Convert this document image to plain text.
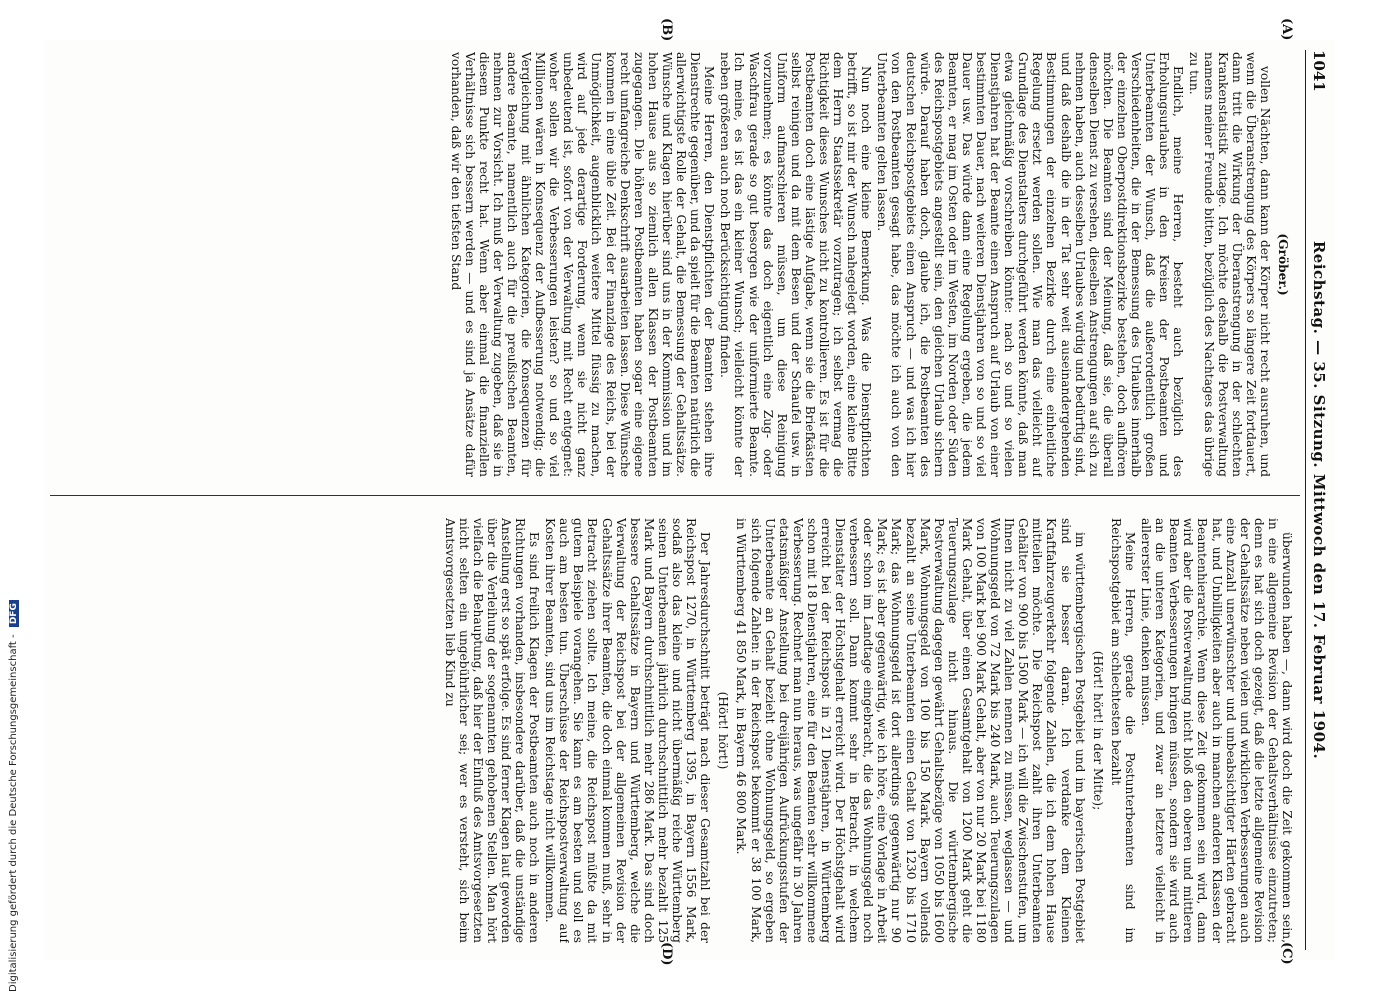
1041
Reichstag. — 35. Sitzung. Mittwoch den 17. Februar 1904.
(A)
(B)
(C)
(D)

(Gröber.)

vollen Nächten, dann kann der Körper nicht recht ausruhen, und wenn die Überanstrengung des Körpers so längere Zeit fortdauert, dann tritt die Wirkung der Überanstrengung in der schlechten Krankenstatistik zutage. Ich möchte deshalb die Postverwaltung namens meiner Freunde bitten, bezüglich des Nachtages das übrige zu tun.

Endlich, meine Herren, besteht auch bezüglich des Erholungsurlaubes in den Kreisen der Postbeamten und Unterbeamten der Wunsch, daß die außerordentlich großen Verschiedenheiten, die in der Bemessung des Urlaubes innerhalb der einzelnen Oberpostdirektionsbezirke bestehen, doch aufhören möchten. Die Beamten sind der Meinung, daß sie, die überall denselben Dienst zu versehen, dieselben Anstrengungen auf sich zu nehmen haben, auch desselben Urlaubes würdig und bedürftig sind, und daß deshalb die in der Tat sehr weit auseinandergehenden Bestimmungen der einzelnen Bezirke durch eine einheitliche Regelung ersetzt werden sollen. Wie man das vielleicht auf Grundlage des Dienstalters durchgeführt werden könnte, daß man etwa gleichmäßig vorschreiben könnte: nach so und so vielen Dienstjahren hat der Beamte einen Anspruch auf Urlaub von einer bestimmten Dauer, nach weiteren Dienstjahren von so und so viel Dauer usw. Das würde dann eine Regelung ergeben, die jedem Beamten, er mag im Osten oder im Westen, im Norden oder Süden des Reichspostgebiets angestellt sein, den gleichen Urlaub sichern würde. Darauf haben doch, glaube ich, die Postbeamten des deutschen Reichspostgebiets einen Anspruch — und was ich hier von den Postbeamten gesagt habe, das möchte ich auch von den Unterbeamten gelten lassen.

Nun noch eine kleine Bemerkung. Was die Dienstpflichten betrifft, so ist mir der Wunsch nahegelegt worden, eine kleine Bitte dem Herrn Staatssekretär vorzutragen; ich selbst vermag die Richtigkeit dieses Wunsches nicht zu kontrollieren. Es ist für die Postbeamten doch eine lästige Aufgabe, wenn sie die Briefkästen selbst reinigen und da mit dem Besen und der Schaufel usw. in Uniform aufmarschieren müssen, um diese Reinigung vorzunehmen; es könnte das doch eigentlich eine Zug- oder Waschfrau gerade so gut besorgen wie der uniformierte Beamte. Ich meine, es ist das ein kleiner Wunsch; vielleicht könnte der neben größeren auch noch Berücksichtigung finden.

Meine Herren, den Dienstpflichten der Beamten stehen ihre Dienstrechte gegenüber, und da spielt für die Beamten natürlich die allerwichtigste Rolle der Gehalt, die Bemessung der Gehaltssätze. Wünsche und Klagen hierüber sind uns in der Kommission und im hohen Hause aus so ziemlich allen Klassen der Postbeamten zugegangen. Die höheren Postbeamten haben sogar eine eigene recht umfangreiche Denkschrift ausarbeiten lassen. Diese Wünsche kommen in eine üble Zeit. Bei der Finanzlage des Reichs, bei der Unmöglichkeit, augenblicklich weitere Mittel flüssig zu machen, wird auf jede derartige Forderung, wenn sie nicht ganz unbedeutend ist, sofort von der Verwaltung mit Recht entgegnet: woher sollen wir die Verbesserungen leisten? so und so viel Millionen wären in Konsequenz der Aufbesserung notwendig; die Vergleichung mit ähnlichen Kategorien, die Konsequenzen für andere Beamte, namentlich auch für die preußischen Beamten, nehmen zur Vorsicht. Ich muß der Verwaltung zugeben, daß sie in diesem Punkte recht hat. Wenn aber einmal die finanziellen Verhältnisse sich bessern werden — und es sind ja Ansätze dafür vorhanden, daß wir den tiefsten Stand

überwunden haben —, dann wird doch die Zeit gekommen sein, in eine allgemeine Revision der Gehaltsverhältnisse einzutreten; denn es hat sich doch gezeigt, daß die letzte allgemeine Revision der Gehaltssätze neben vielen und wirklichen Verbesserungen auch eine Anzahl unerwünschter und unbeabsichtigter Härten gebracht hat, und Unbilligkeiten aber auch in manchen anderen Klassen der Beamtenhierarchie. Wenn diese Zeit gekommen sein wird, dann wird aber die Postverwaltung nicht bloß den oberen und mittleren Beamten Verbesserungen bringen müssen, sondern sie wird auch an die unteren Kategorien, und zwar an letztere vielleicht in allererster Linie, denken müssen.

Meine Herren, gerade die Postunterbeamten sind im Reichspostgebiet am schlechtesten bezahlt

(Hört! hört! in der Mitte);

im württembergischen Postgebiet und im bayerischen Postgebiet sind sie besser daran. Ich verdanke dem Kleinen Kraftfahrzeugverkehr folgende Zahlen, die ich dem hohen Hause mitteilen möchte. Die Reichspost zahlt ihren Unterbeamten Gehälter von 900 bis 1500 Mark — ich will die Zwischenstufen, um Ihnen nicht zu viel Zahlen nennen zu müssen, weglassen — und Wohnungsgeld von 72 Mark bis 240 Mark, auch Teuerungszulagen von 100 Mark bei 900 Mark Gehalt, aber von nur 20 Mark bei 1180 Mark Gehalt, über einen Gesamtgehalt von 1200 Mark geht die Teuerungszulage nicht hinaus. Die württembergische Postverwaltung dagegen gewährt Gehaltsbezüge von 1050 bis 1600 Mark, Wohnungsgeld von 100 bis 150 Mark. Bayern vollends bezahlt an seine Unterbeamten einen Gehalt von 1230 bis 1710 Mark; das Wohnungsgeld ist dort allerdings gegenwärtig nur 90 Mark; es ist aber gegenwärtig, wie ich höre, eine Vorlage in Arbeit oder schon im Landtage eingebracht, die das Wohnungsgeld noch verbessern soll. Dann kommt sehr in Betracht, in welchem Dienstalter der Höchstgehalt erreicht wird. Der Höchstgehalt wird erreicht bei der Reichspost in 21 Dienstjahren, in Württemberg schon mit 18 Dienstjahren, eine für den Beamten sehr willkommene Verbesserung. Rechnet man nun heraus, was ungefähr in 30 Jahren etatsmäßiger Anstellung bei dreijährigen Aufrückungsstufen der Unterbeamte an Gehalt bezieht ohne Wohnungsgeld, so ergeben sich folgende Zahlen: in der Reichspost bekommt er 38 100 Mark, in Württemberg 41 850 Mark, in Bayern 46 800 Mark.

(Hört! hört!)

Der Jahresdurchschnitt beträgt nach dieser Gesamtzahl bei der Reichspost 1270, in Württemberg 1395, in Bayern 1556 Mark, sodaß also das kleine und nicht übermäßig reiche Württemberg seinen Unterbeamten jährlich durchschnittlich mehr bezahlt 125 Mark und Bayern durchschnittlich mehr 286 Mark. Das sind doch bessere Gehaltssätze in Bayern und Württemberg, welche die Verwaltung der Reichspost bei der allgemeinen Revision der Gehaltssätze ihrer Beamten, die doch einmal kommen muß, sehr in Betracht ziehen sollte. Ich meine, die Reichspost müßte da mit gutem Beispiele vorangehen. Sie kann es am besten und soll es auch am besten tun. Überschüsse der Reichspostverwaltung auf Kosten ihrer Beamten, sind uns im Reichstage nicht willkommen.

Es sind freilich Klagen der Postbeamten auch noch in anderen Richtungen vorhanden, insbesondere darüber, daß die unständige Anstellung erst so spät erfolge. Es sind ferner Klagen laut geworden über die Verleihung der sogenannten gehobenen Stellen. Man hört vielfach die Behauptung, daß hier der Einfluß des Amtsvorgesetzten nicht selten ein ungebührlicher sei; wer es versteht, sich beim Amtsvorgesetzten lieb Kind zu

Digitalisierung gefördert durch die Deutsche Forschungsgemeinschaft - DFG
